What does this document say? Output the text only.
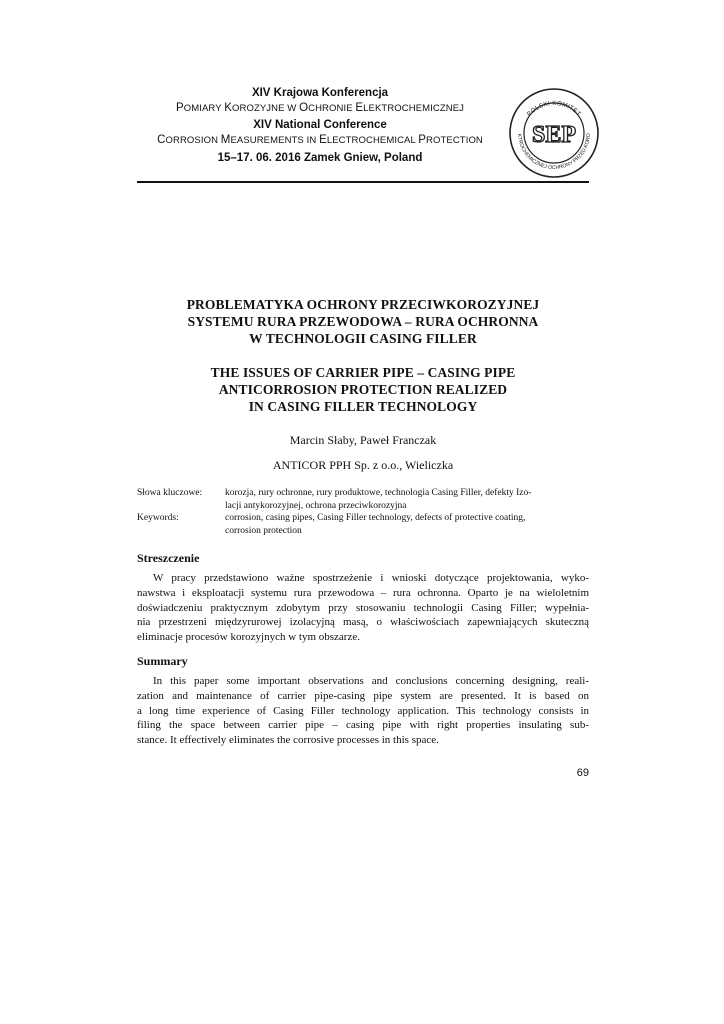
XIV Krajowa Konferencja
POMIARY KOROZYJNE W OCHRONIE ELEKTROCHEMICZNEJ
XIV National Conference
CORROSION MEASUREMENTS IN ELECTROCHEMICAL PROTECTION
15–17. 06. 2016 Zamek Gniew, Poland
POLSKI KOMITET
KTROCHEMICZNEJ OCHRONY PRZED KORO
SEP
PROBLEMATYKA OCHRONY PRZECIWKOROZYJNEJ
SYSTEMU RURA PRZEWODOWA – RURA OCHRONNA
W TECHNOLOGII CASING FILLER
THE ISSUES OF CARRIER PIPE – CASING PIPE
ANTICORROSION PROTECTION REALIZED
IN CASING FILLER TECHNOLOGY
Marcin Słaby, Paweł Franczak
ANTICOR PPH Sp. z o.o., Wieliczka
Słowa kluczowe: korozja, rury ochronne, rury produktowe, technologia Casing Filler, defekty Izo-
lacji antykorozyjnej, ochrona przeciwkorozyjna
Keywords:	corrosion, casing pipes, Casing Filler technology, defects of protective coating,
corrosion protection
Streszczenie
W pracy przedstawiono ważne spostrzeżenie i wnioski dotyczące projektowania, wyko-
nawstwa i eksploatacji systemu rura przewodowa – rura ochronna. Oparto je na wieloletnim
doświadczeniu praktycznym zdobytym przy stosowaniu technologii Casing Filler; wypełnia-
nia przestrzeni międzyrurowej izolacyjną masą, o właściwościach zapewniających skuteczną
eliminacje procesów korozyjnych w tym obszarze.
Summary
In this paper some important observations and conclusions concerning designing, reali-
zation and maintenance of carrier pipe-casing pipe system are presented. It is based on
a long time experience of Casing Filler technology application. This technology consists in
filing the space between carrier pipe – casing pipe with right properties insulating sub-
stance. It effectively eliminates the corrosive processes in this space.
69
